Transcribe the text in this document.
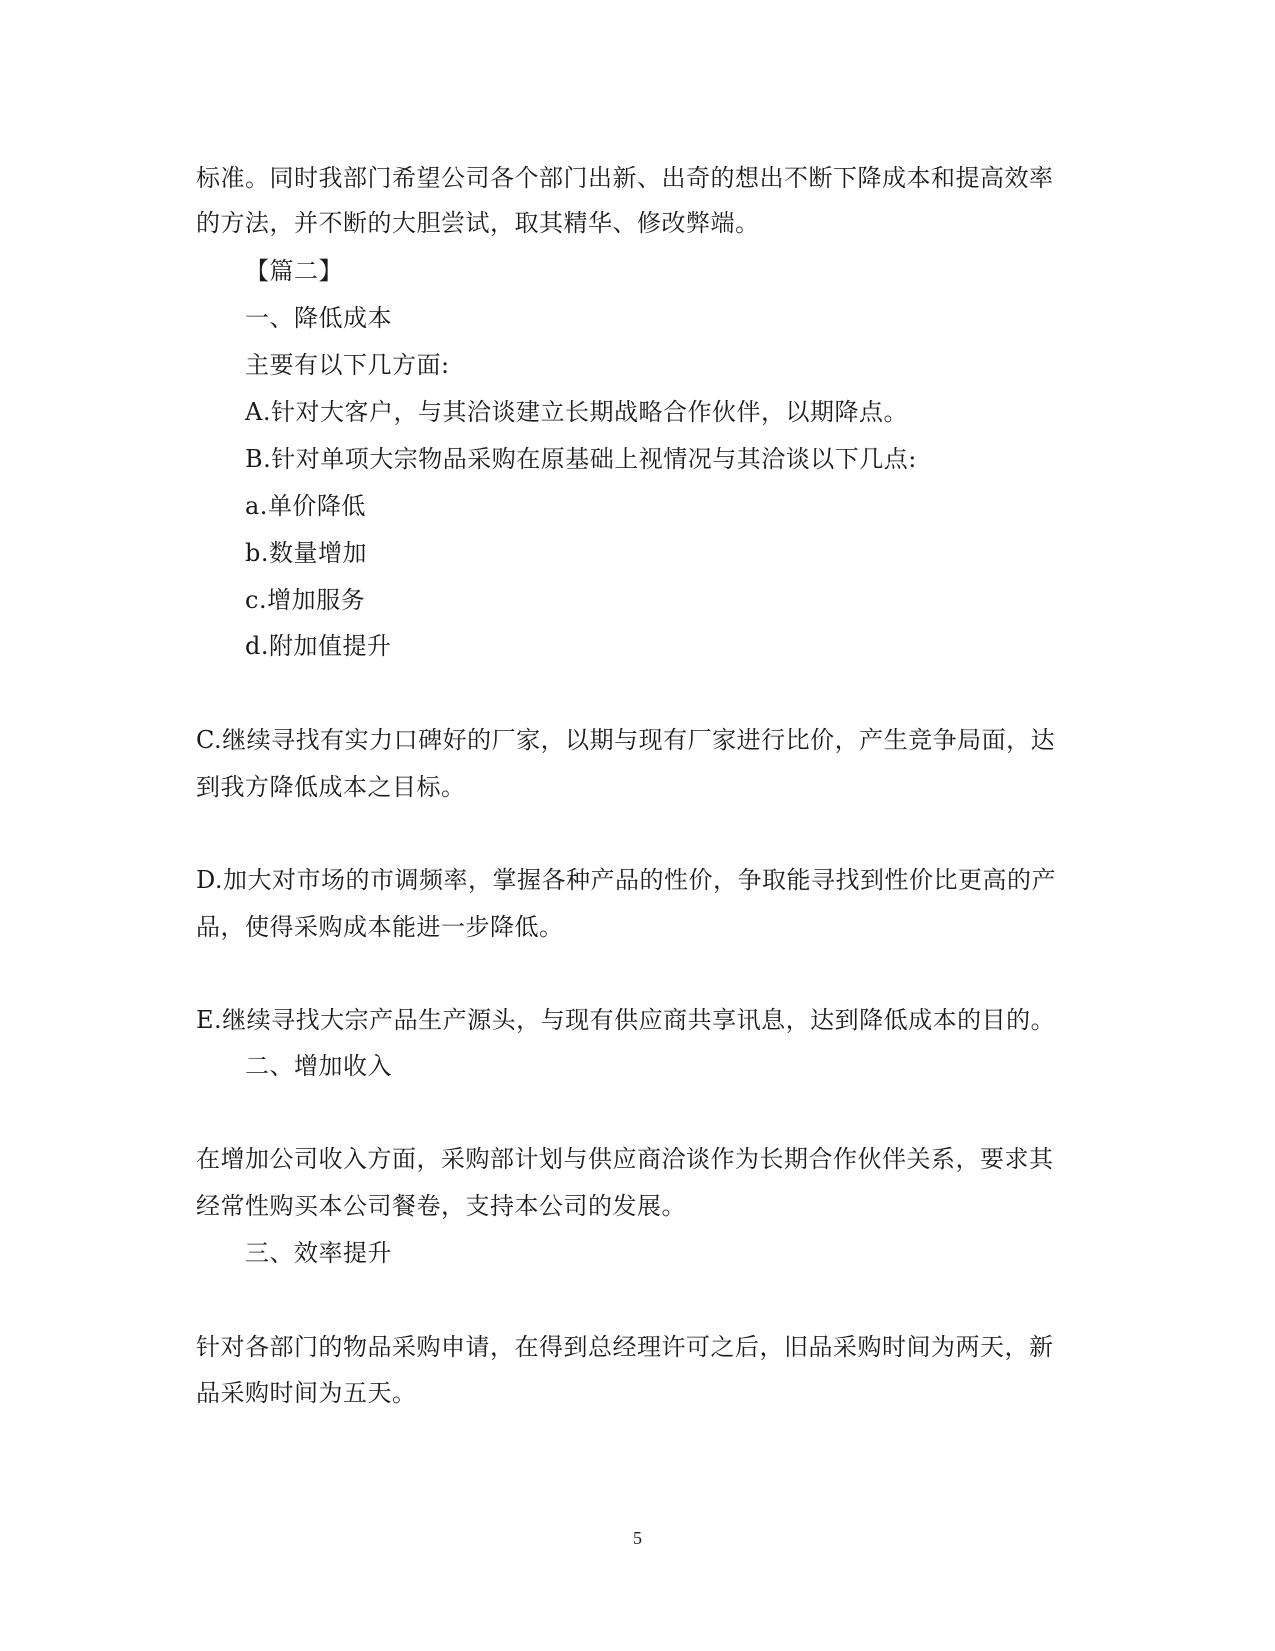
标准。同时我部门希望公司各个部门出新、出奇的想出不断下降成本和提高效率
的方法，并不断的大胆尝试，取其精华、修改弊端。
【篇二】
一、降低成本
主要有以下几方面:
A.针对大客户，与其洽谈建立长期战略合作伙伴，以期降点。
B.针对单项大宗物品采购在原基础上视情况与其洽谈以下几点:
a.单价降低
b.数量增加
c.增加服务
d.附加值提升
C.继续寻找有实力口碑好的厂家，以期与现有厂家进行比价，产生竞争局面，达
到我方降低成本之目标。
D.加大对市场的市调频率，掌握各种产品的性价，争取能寻找到性价比更高的产
品，使得采购成本能进一步降低。
E.继续寻找大宗产品生产源头，与现有供应商共享讯息，达到降低成本的目的。
二、增加收入
在增加公司收入方面，采购部计划与供应商洽谈作为长期合作伙伴关系，要求其
经常性购买本公司餐卷，支持本公司的发展。
三、效率提升
针对各部门的物品采购申请，在得到总经理许可之后，旧品采购时间为两天，新
品采购时间为五天。
5
